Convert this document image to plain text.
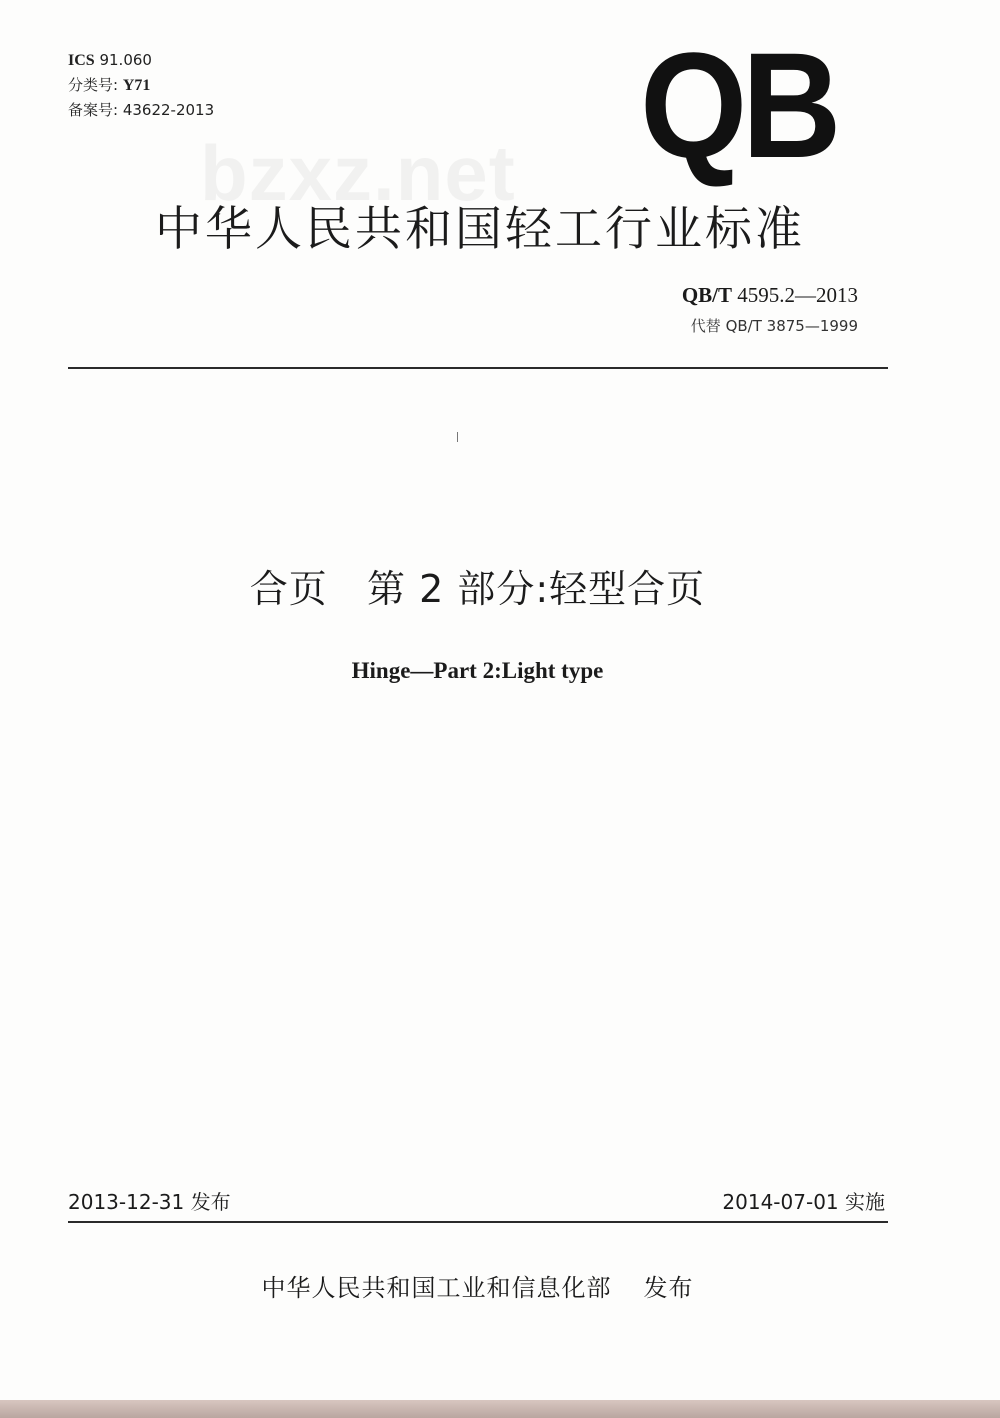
ICS 91.060
分类号: Y71
备案号: 43622-2013	QB
bzxz.net
中华人民共和国轻工行业标准
QB/T 4595.2—2013
代替 QB/T 3875—1999
合页   第 2 部分:轻型合页
Hinge—Part 2:Light type
2013-12-31 发布	2014-07-01 实施
中华人民共和国工业和信息化部 发布
